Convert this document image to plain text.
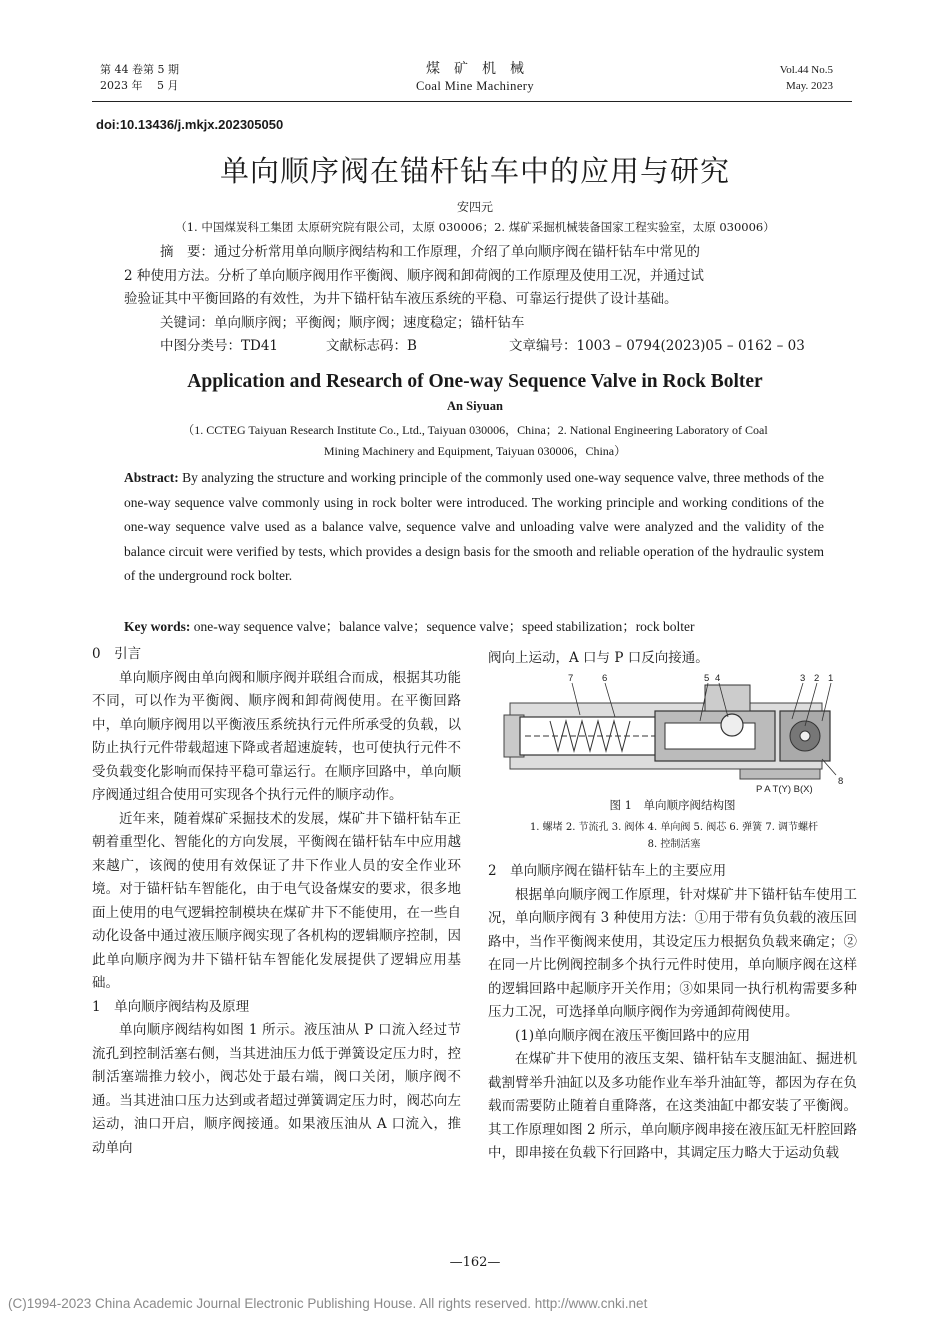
第 44 卷第 5 期
2023 年 　5 月
煤　矿　机　械
Coal Mine Machinery
Vol.44 No.5
May. 2023
doi:10.13436/j.mkjx.202305050
单向顺序阀在锚杆钻车中的应用与研究
安四元
（1. 中国煤炭科工集团 太原研究院有限公司，太原 030006；2. 煤矿采掘机械装备国家工程实验室，太原 030006）
摘　要：通过分析常用单向顺序阀结构和工作原理，介绍了单向顺序阀在锚杆钻车中常见的
2 种使用方法。分析了单向顺序阀用作平衡阀、顺序阀和卸荷阀的工作原理及使用工况，并通过试
验验证其中平衡回路的有效性，为井下锚杆钻车液压系统的平稳、可靠运行提供了设计基础。
关键词：单向顺序阀；平衡阀；顺序阀；速度稳定；锚杆钻车
中图分类号：TD41	文献标志码：B	文章编号：1003 – 0794(2023)05 – 0162 – 03
Application and Research of One-way Sequence Valve in Rock Bolter
An Siyuan
（1. CCTEG Taiyuan Research Institute Co., Ltd., Taiyuan 030006，China；2. National Engineering Laboratory of Coal
Mining Machinery and Equipment, Taiyuan 030006，China）
Abstract: By analyzing the structure and working principle of the commonly used one-way sequence valve, three methods of the one-way sequence valve commonly using in rock bolter were introduced. The working principle and working conditions of the one-way sequence valve used as a balance valve, sequence valve and unloading valve were analyzed and the validity of the balance circuit were verified by tests, which provides a design basis for the smooth and reliable operation of the hydraulic system of the underground rock bolter.
Key words: one-way sequence valve；balance valve；sequence valve；speed stabilization；rock bolter

0　引言

单向顺序阀由单向阀和顺序阀并联组合而成，根据其功能不同，可以作为平衡阀、顺序阀和卸荷阀使用。在平衡回路中，单向顺序阀用以平衡液压系统执行元件所承受的负载，以防止执行元件带载超速下降或者超速旋转，也可使执行元件不受负载变化影响而保持平稳可靠运行。在顺序回路中，单向顺序阀通过组合使用可实现各个执行元件的顺序动作。

近年来，随着煤矿采掘技术的发展，煤矿井下锚杆钻车正朝着重型化、智能化的方向发展，平衡阀在锚杆钻车中应用越来越广，该阀的使用有效保证了井下作业人员的安全作业环境。对于锚杆钻车智能化，由于电气设备煤安的要求，很多地面上使用的电气逻辑控制模块在煤矿井下不能使用，在一些自动化设备中通过液压顺序阀实现了各机构的逻辑顺序控制，因此单向顺序阀为井下锚杆钻车智能化发展提供了逻辑应用基础。

1　单向顺序阀结构及原理

单向顺序阀结构如图 1 所示。液压油从 P 口流入经过节流孔到控制活塞右侧，当其进油压力低于弹簧设定压力时，控制活塞端推力较小，阀芯处于最右端，阀口关闭，顺序阀不通。当其进油口压力达到或者超过弹簧调定压力时，阀芯向左运动，油口开启，顺序阀接通。如果液压油从 A 口流入，推动单向

阀向上运动，A 口与 P 口反向接通。

7	6	5 4	3 2 1
8
P A T(Y) B(X)
图 1　单向顺序阀结构图
1. 螺堵 2. 节流孔 3. 阀体 4. 单向阀 5. 阀芯 6. 弹簧 7. 调节螺杆
8. 控制活塞

2　单向顺序阀在锚杆钻车上的主要应用

根据单向顺序阀工作原理，针对煤矿井下锚杆钻车使用工况，单向顺序阀有 3 种使用方法：①用于带有负负载的液压回路中，当作平衡阀来使用，其设定压力根据负负载来确定；②在同一片比例阀控制多个执行元件时使用，单向顺序阀在这样的逻辑回路中起顺序开关作用；③如果同一执行机构需要多种压力工况，可选择单向顺序阀作为旁通卸荷阀使用。

(1)单向顺序阀在液压平衡回路中的应用

在煤矿井下使用的液压支架、锚杆钻车支腿油缸、掘进机截割臂举升油缸以及多功能作业车举升油缸等，都因为存在负载而需要防止随着自重降落，在这类油缸中都安装了平衡阀。其工作原理如图 2 所示，单向顺序阀串接在液压缸无杆腔回路中，即串接在负载下行回路中，其调定压力略大于运动负载

—162—
(C)1994-2023 China Academic Journal Electronic Publishing House. All rights reserved. http://www.cnki.net
